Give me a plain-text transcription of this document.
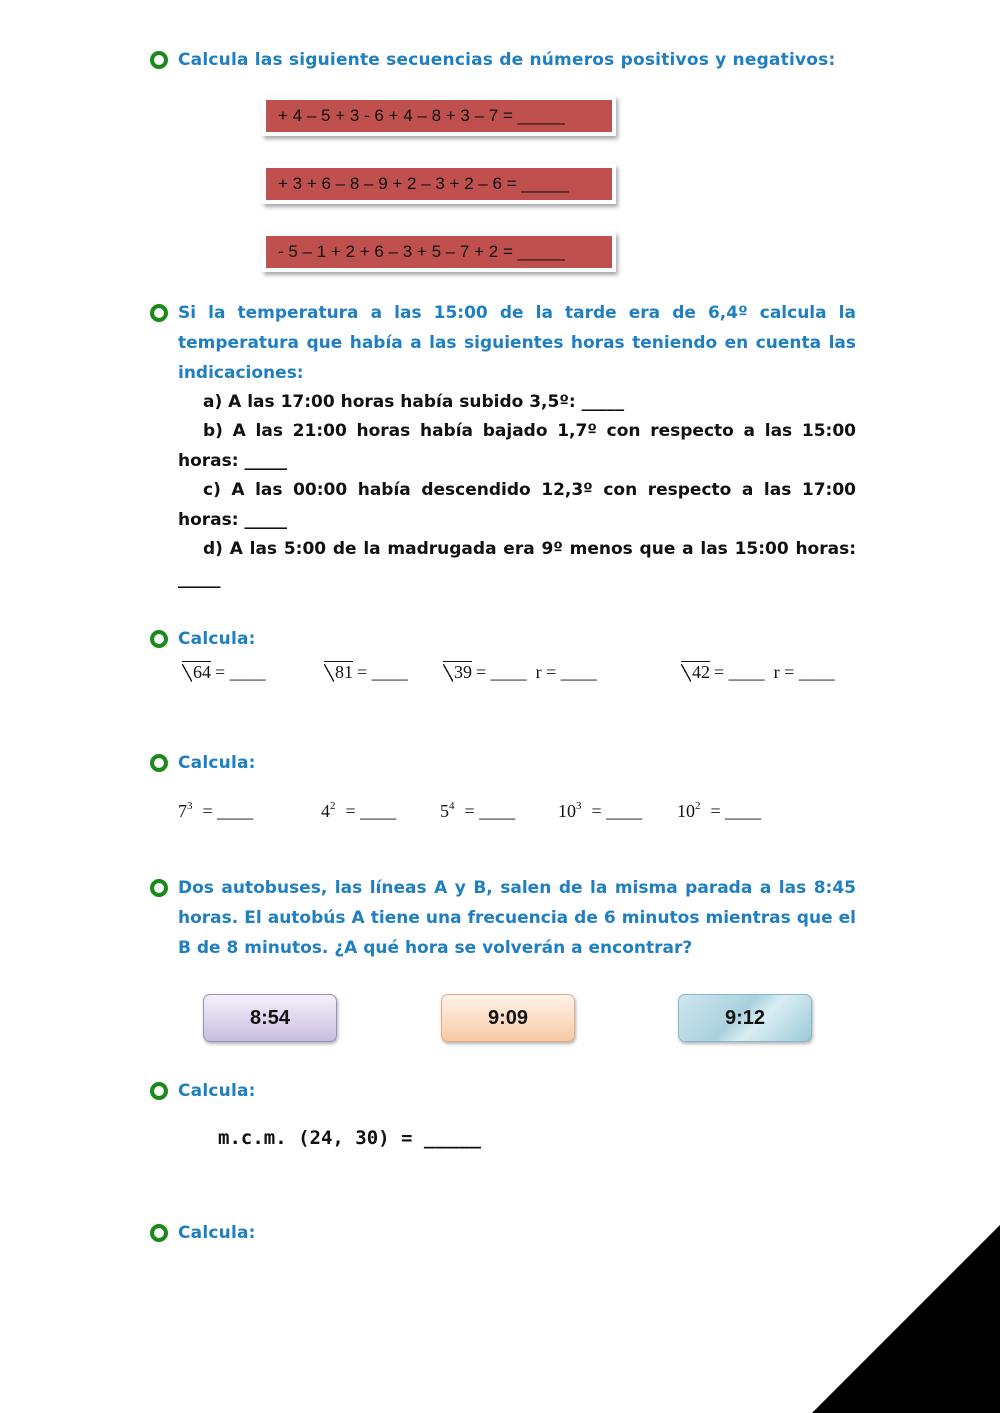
Calcula las siguiente secuencias de números positivos y negativos:
+ 4 – 5 + 3 - 6 + 4 – 8 + 3 – 7 = _____
+ 3 + 6 – 8 – 9 + 2 – 3 + 2 – 6 = _____
- 5 – 1 + 2 + 6 – 3 + 5 – 7 + 2 = _____
Si la temperatura a las 15:00 de la tarde era de 6,4º calcula la temperatura que había a las siguientes horas teniendo en cuenta las indicaciones:
a) A las 17:00 horas había subido 3,5º: _____
b) A las 21:00 horas había bajado 1,7º con respecto a las 15:00 horas: _____
c) A las 00:00 había descendido 12,3º con respecto a las 17:00 horas: _____
d) A las 5:00 de la madrugada era 9º menos que a las 15:00 horas: _____
Calcula:
64 = ____	81 = ____	39 = ____  r = ____	42 = ____  r = ____
Calcula:
$7^3$ = ____	$4^2$ = ____ $5^4$ = ____ $10^3$ = ____ $10^2$ = ____
Dos autobuses, las líneas A y B, salen de la misma parada a las 8:45 horas. El autobús A tiene una frecuencia de 6 minutos mientras que el B de 8 minutos. ¿A qué hora se volverán a encontrar?
8:54	9:09	9:12
Calcula:
m.c.m. (24, 30) = _____
Calcula:
